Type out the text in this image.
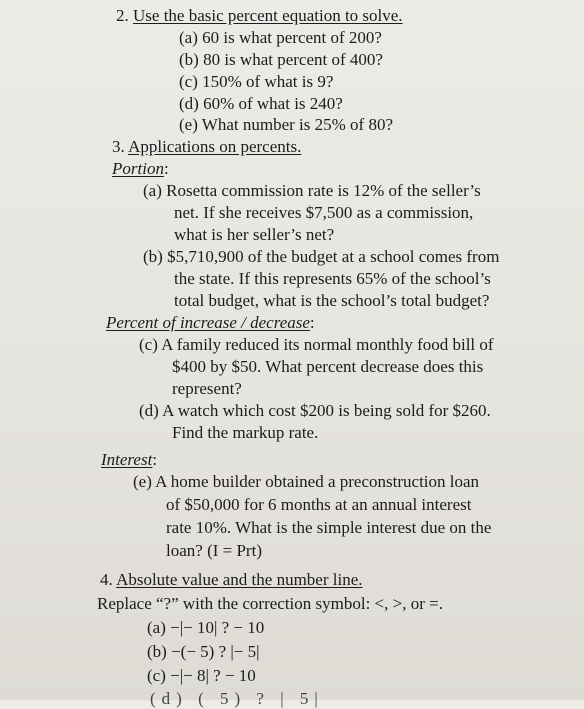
2. Use the basic percent equation to solve.
(a) 60 is what percent of 200?
(b) 80 is what percent of 400?
(c) 150% of what is 9?
(d) 60% of what is 240?
(e) What number is 25% of 80?
3. Applications on percents.
Portion:
(a) Rosetta commission rate is 12% of the seller’s
net. If she receives $7,500 as a commission,
what is her seller’s net?
(b) $5,710,900 of the budget at a school comes from
the state. If this represents 65% of the school’s
total budget, what is the school’s total budget?
Percent of increase / decrease:
(c) A family reduced its normal monthly food bill of
$400 by $50. What percent decrease does this
represent?
(d) A watch which cost $200 is being sold for $260.
Find the markup rate.
Interest:
(e) A home builder obtained a preconstruction loan
of $50,000 for 6 months at an annual interest
rate 10%. What is the simple interest due on the
loan? (I = Prt)
4. Absolute value and the number line.
Replace “?” with the correction symbol: <, >, or =.
(a) −|− 10| ? − 10
(b) −(− 5) ? |− 5|
(c) −|− 8| ? − 10
(d) ( 5) ? | 5|
